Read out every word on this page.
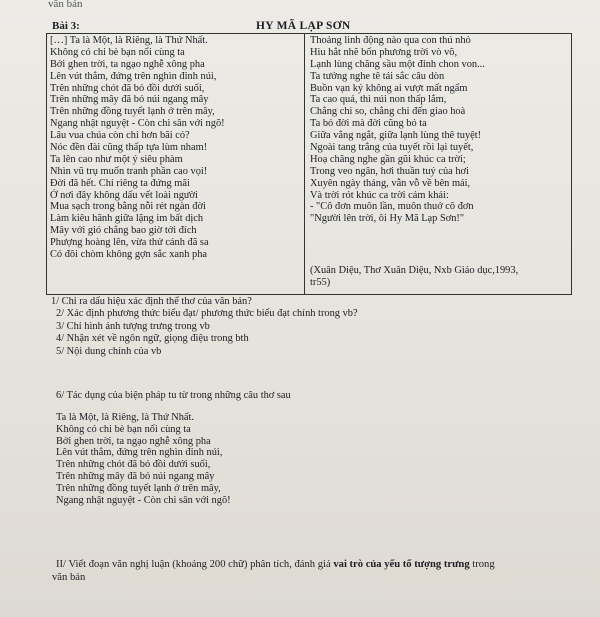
văn bản
Bài 3:	HY MÃ LẠP SƠN
[…] Ta là Một, là Riêng, là Thứ Nhất.
Không có chi bè bạn nổi cùng ta
Bởi ghen trời, ta ngạo nghễ xông pha
Lên vút thẳm, đứng trên nghìn đỉnh núi,
Trên những chót đã bỏ đồi dưới suối,
Trên những mây đã bỏ núi ngang mây
Trên những đồng tuyết lạnh ở trên mây,
Ngang nhật nguyệt - Còn chi sân với ngõ!
Lâu vua chúa còn chi hơn bãi cỏ?
Nóc đền đài cũng thấp tựa lùm nham!
Ta lên cao như một ý siêu phàm
Nhìn vũ trụ muốn tranh phần cao vọi!
Đời đã hết. Chỉ riêng ta đứng mãi
Ở nơi đây không dấu vết loài người
Mua sạch trong bằng nỗi rét ngàn đời
Làm kiêu hãnh giữa lặng im bất dịch
Mây với gió chẳng bao giờ tới đích
Phượng hoàng lên, vừa thử cánh đã sa
Có đôi chòm không gợn sắc xanh pha
Thoảng linh động nào qua con thú nhỏ
Hiu hắt nhẽ bốn phương trời vò võ,
Lạnh lùng chăng sầu một đỉnh chon von...
Ta tưởng nghe tê tái sắc câu dòn
Buồn vạn kỷ không ai vượt mất ngẩm
Ta cao quá, thì núi non thấp lắm,
Chẳng chi so, chẳng chi đến giao hoà
Ta bỏ đời mà đời cũng bỏ ta
Giữa vắng ngắt, giữa lạnh lùng thê tuyệt!
Ngoài tang trắng của tuyết rồi lại tuyết,
Hoạ chăng nghe gần gũi khúc ca trời;
Trong veo ngân, hơi thuần tuý của hơi
Xuyên ngày tháng, vẫn vỗ về bên mái,
Và trời rót khúc ca trời cảm khái:
- "Cô đơn muôn lần, muôn thuở cô đơn
"Người lên trời, ôi Hy Mã Lạp Sơn!"
(Xuân Diệu, Thơ Xuân Diệu, Nxb Giáo dục,1993,
tr55)
1/ Chỉ ra dấu hiệu xác định thể thơ của văn bản?
2/ Xác định phương thức biểu đạt/ phương thức biểu đạt chính trong vb?
3/ Chỉ hình ảnh tượng trưng trong vb
4/ Nhận xét về ngôn ngữ, giọng điệu trong bth
5/ Nội dung chính của vb
6/ Tác dụng của biện pháp tu từ trong những câu thơ sau
Ta là Một, là Riêng, là Thứ Nhất.
Không có chi bè bạn nổi cùng ta
Bởi ghen trời, ta ngạo nghễ xông pha
Lên vút thẳm, đứng trên nghìn đỉnh núi,
Trên những chót đã bỏ đồi dưới suối,
Trên những mây đã bỏ núi ngang mây
Trên những đồng tuyết lạnh ở trên mây,
Ngang nhật nguyệt - Còn chi sân với ngõ!
II/ Viết đoạn văn nghị luận (khoảng 200 chữ) phân tích, đánh giá vai trò của yếu tố tượng trưng trong
văn bản
